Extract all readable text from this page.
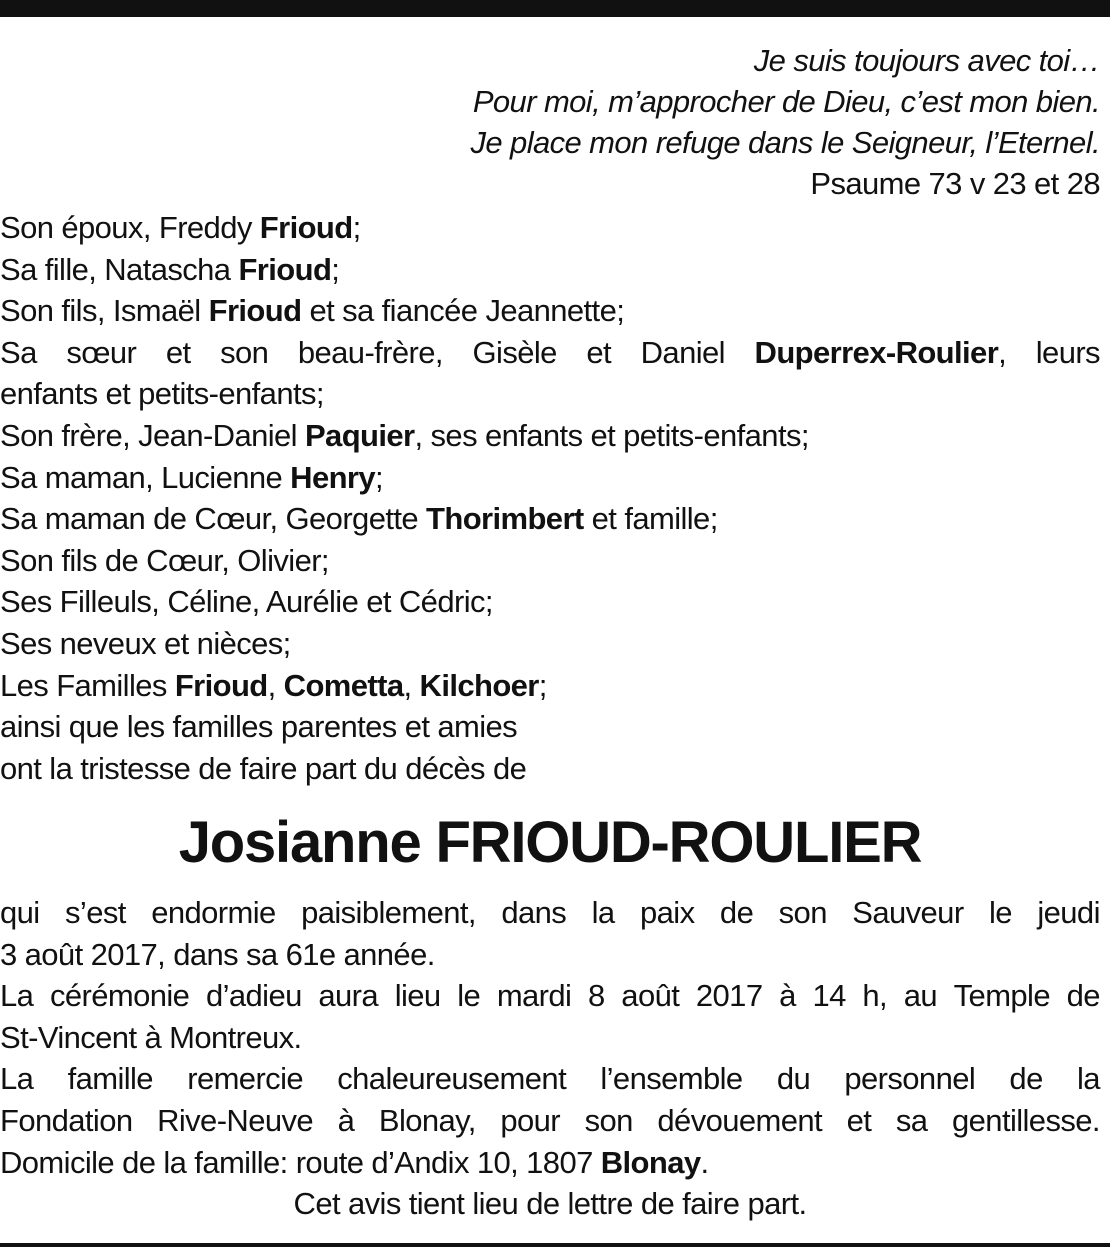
Je suis toujours avec toi…
Pour moi, m’approcher de Dieu, c’est mon bien.
Je place mon refuge dans le Seigneur, l’Eternel.
Psaume 73 v 23 et 28
Son époux, Freddy Frioud;
Sa fille, Natascha Frioud;
Son fils, Ismaël Frioud et sa fiancée Jeannette;
Sa sœur et son beau-frère, Gisèle et Daniel Duperrex-Roulier, leurs
enfants et petits-enfants;
Son frère, Jean-Daniel Paquier, ses enfants et petits-enfants;
Sa maman, Lucienne Henry;
Sa maman de Cœur, Georgette Thorimbert et famille;
Son fils de Cœur, Olivier;
Ses Filleuls, Céline, Aurélie et Cédric;
Ses neveux et nièces;
Les Familles Frioud, Cometta, Kilchoer;
ainsi que les familles parentes et amies
ont la tristesse de faire part du décès de
Josianne FRIOUD-ROULIER
qui s’est endormie paisiblement, dans la paix de son Sauveur le jeudi
3 août 2017, dans sa 61e année.
La cérémonie d’adieu aura lieu le mardi 8 août 2017 à 14 h, au Temple de
St-Vincent à Montreux.
La famille remercie chaleureusement l’ensemble du personnel de la
Fondation Rive-Neuve à Blonay, pour son dévouement et sa gentillesse.
Domicile de la famille: route d’Andix 10, 1807 Blonay.
Cet avis tient lieu de lettre de faire part.
